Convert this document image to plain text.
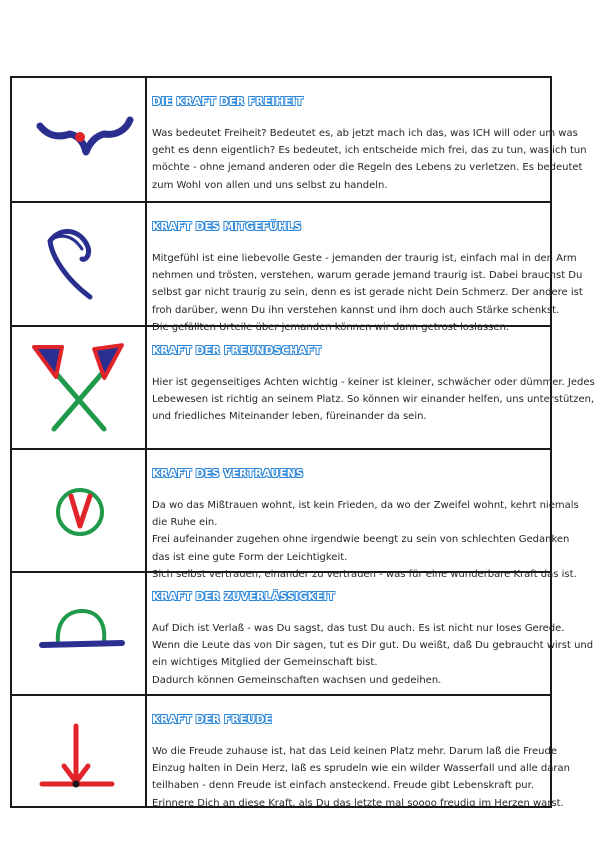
DIE KRAFT DER FREIHEIT

Was bedeutet Freiheit? Bedeutet es, ab jetzt mach ich das, was ICH will oder um was
geht es denn eigentlich? Es bedeutet, ich entscheide mich frei, das zu tun, was ich tun
möchte - ohne jemand anderen oder die Regeln des Lebens zu verletzen. Es bedeutet
zum Wohl von allen und uns selbst zu handeln.

KRAFT DES MITGEFÜHLS

Mitgefühl ist eine liebevolle Geste - jemanden der traurig ist, einfach mal in den Arm
nehmen und trösten, verstehen, warum gerade jemand traurig ist. Dabei brauchst Du
selbst gar nicht traurig zu sein, denn es ist gerade nicht Dein Schmerz. Der andere ist
froh darüber, wenn Du ihn verstehen kannst und ihm doch auch Stärke schenkst.
Die gefällten Urteile über jemanden können wir dann getrost loslassen.

KRAFT DER FREUNDSCHAFT

Hier ist gegenseitiges Achten wichtig - keiner ist kleiner, schwächer oder dümmer. Jedes
Lebewesen ist richtig an seinem Platz. So können wir einander helfen, uns unterstützen,
und friedliches Miteinander leben, füreinander da sein.

KRAFT DES VERTRAUENS

Da wo das Mißtrauen wohnt, ist kein Frieden, da wo der Zweifel wohnt, kehrt niemals
die Ruhe ein.
Frei aufeinander zugehen ohne irgendwie beengt zu sein von schlechten Gedanken
das ist eine gute Form der Leichtigkeit.
Sich selbst vertrauen, einander zu vertrauen - was für eine wunderbare Kraft das ist.

KRAFT DER ZUVERLÄSSIGKEIT

Auf Dich ist Verlaß - was Du sagst, das tust Du auch. Es ist nicht nur loses Gerede.
Wenn die Leute das von Dir sagen, tut es Dir gut. Du weißt, daß Du gebraucht wirst und
ein wichtiges Mitglied der Gemeinschaft bist.
Dadurch können Gemeinschaften wachsen und gedeihen.

KRAFT DER FREUDE

Wo die Freude zuhause ist, hat das Leid keinen Platz mehr. Darum laß die Freude
Einzug halten in Dein Herz, laß es sprudeln wie ein wilder Wasserfall und alle daran
teilhaben - denn Freude ist einfach ansteckend. Freude gibt Lebenskraft pur.
Erinnere Dich an diese Kraft, als Du das letzte mal soooo freudig im Herzen warst.
